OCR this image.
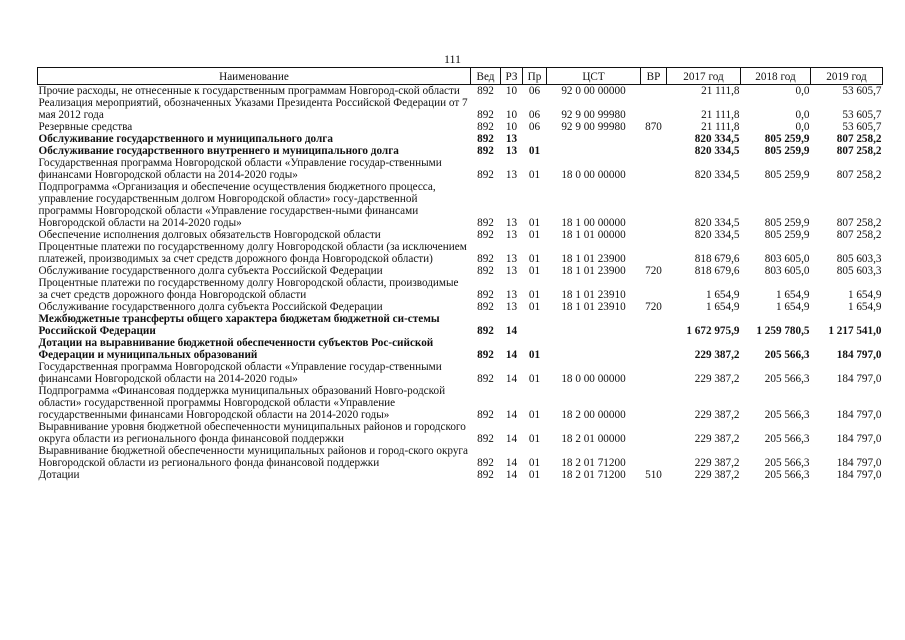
111
Наименование	Вед	РЗ	Пр	ЦСТ	ВР	2017 год	2018 год	2019 год
Прочие расходы, не отнесенные к государственным программам Новгород-ской области	892	10	06	92 0 00 00000		21 111,8	0,0	53 605,7
Реализация мероприятий, обозначенных Указами Президента Российской Федерации от 7 мая 2012 года	892	10	06	92 9 00 99980		21 111,8	0,0	53 605,7
Резервные средства	892	10	06	92 9 00 99980	870	21 111,8	0,0	53 605,7
Обслуживание государственного и муниципального долга	892	13				820 334,5	805 259,9	807 258,2
Обслуживание государственного внутреннего и муниципального долга	892	13	01			820 334,5	805 259,9	807 258,2
Государственная программа Новгородской области «Управление государ-ственными финансами Новгородской области на 2014-2020 годы»	892	13	01	18 0 00 00000		820 334,5	805 259,9	807 258,2
Подпрограмма «Организация и обеспечение осуществления бюджетного процесса, управление государственным долгом Новгородской области» госу-дарственной программы Новгородской области «Управление государствен-ными финансами Новгородской области на 2014-2020 годы»	892	13	01	18 1 00 00000		820 334,5	805 259,9	807 258,2
Обеспечение исполнения долговых обязательств Новгородской области	892	13	01	18 1 01 00000		820 334,5	805 259,9	807 258,2
Процентные платежи по государственному долгу Новгородской области (за исключением платежей, производимых за счет средств дорожного фонда Новгородской области)	892	13	01	18 1 01 23900		818 679,6	803 605,0	805 603,3
Обслуживание государственного долга субъекта Российской Федерации	892	13	01	18 1 01 23900	720	818 679,6	803 605,0	805 603,3
Процентные платежи по государственному долгу Новгородской области, производимые за счет средств дорожного фонда Новгородской области	892	13	01	18 1 01 23910		1 654,9	1 654,9	1 654,9
Обслуживание государственного долга субъекта Российской Федерации	892	13	01	18 1 01 23910	720	1 654,9	1 654,9	1 654,9
Межбюджетные трансферты общего характера бюджетам бюджетной си-стемы Российской Федерации	892	14				1 672 975,9	1 259 780,5	1 217 541,0
Дотации на выравнивание бюджетной обеспеченности субъектов Рос-сийской Федерации и муниципальных образований	892	14	01			229 387,2	205 566,3	184 797,0
Государственная программа Новгородской области «Управление государ-ственными финансами Новгородской области на 2014-2020 годы»	892	14	01	18 0 00 00000		229 387,2	205 566,3	184 797,0
Подпрограмма «Финансовая поддержка муниципальных образований Новго-родской области» государственной программы Новгородской области «Управление государственными финансами Новгородской области на 2014-2020 годы»	892	14	01	18 2 00 00000		229 387,2	205 566,3	184 797,0
Выравнивание уровня бюджетной обеспеченности муниципальных районов и городского округа области из регионального фонда финансовой поддержки	892	14	01	18 2 01 00000		229 387,2	205 566,3	184 797,0
Выравнивание бюджетной обеспеченности муниципальных районов и город-ского округа Новгородской области из регионального фонда финансовой поддержки	892	14	01	18 2 01 71200		229 387,2	205 566,3	184 797,0
Дотации	892	14	01	18 2 01 71200	510	229 387,2	205 566,3	184 797,0
